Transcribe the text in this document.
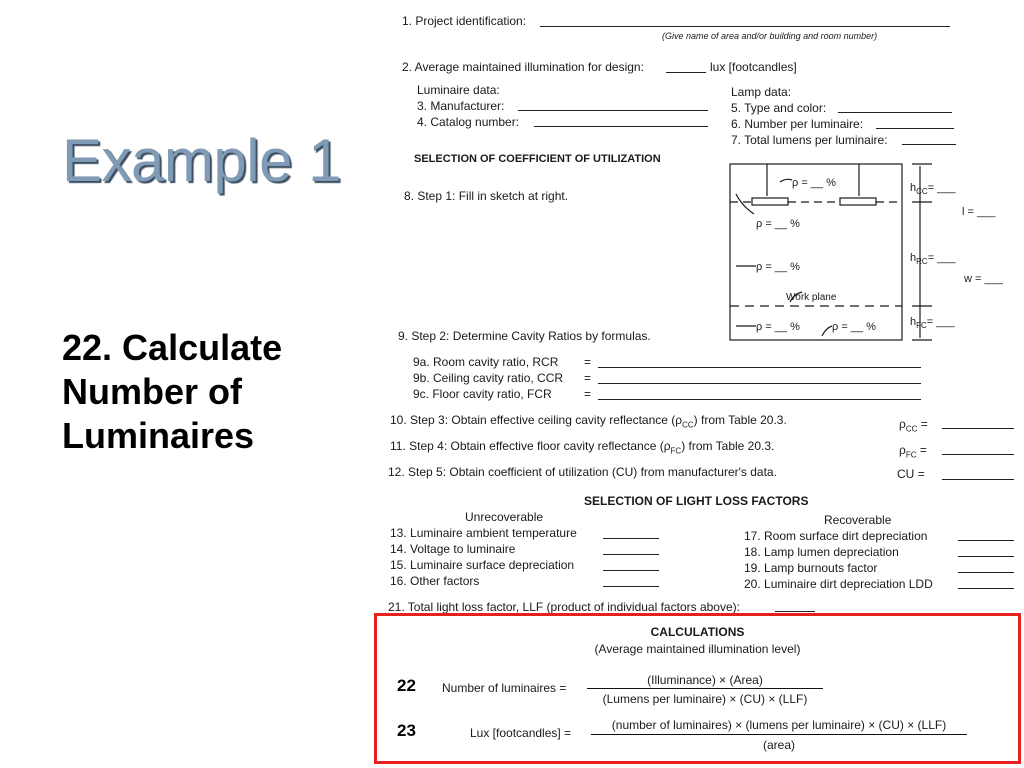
Example 1
22. Calculate Number of Luminaires
1. Project identification:
(Give name of area and/or building and room number)
2. Average maintained illumination for design:	lux [footcandles]
Luminaire data:
3. Manufacturer:
4. Catalog number:
Lamp data:
5. Type and color:
6. Number per luminaire:
7. Total lumens per luminaire:
SELECTION OF COEFFICIENT OF UTILIZATION
8. Step 1: Fill in sketch at right.
9. Step 2: Determine Cavity Ratios by formulas.
9a. Room cavity ratio, RCR =
9b. Ceiling cavity ratio, CCR =
9c. Floor cavity ratio, FCR	=
10. Step 3: Obtain effective ceiling cavity reflectance $(\rho_{CC})$ from Table 20.3.	$\rho_{CC}$ =
11. Step 4: Obtain effective floor cavity reflectance $(\rho_{FC})$ from Table 20.3.	$\rho_{FC}$ =
12. Step 5: Obtain coefficient of utilization (CU) from manufacturer's data.	CU =
SELECTION OF LIGHT LOSS FACTORS
Unrecoverable	Recoverable
13. Luminaire ambient temperature
14. Voltage to luminaire
15. Luminaire surface depreciation
16. Other factors
17. Room surface dirt depreciation
18. Lamp lumen depreciation
19. Lamp burnouts factor
20. Luminaire dirt depreciation LDD
21. Total light loss factor, LLF (product of individual factors above):
ρ = __ %
ρ = __ %
ρ = __ %
Work plane
ρ = __ %	ρ = __ %
$h_{CC}=$ ___
$h_{RC}=$ ___
$h_{FC}=$ ___
l = ___
w = ___
CALCULATIONS
(Average maintained illumination level)
22 Number of luminaires =
(Illuminance) × (Area)
(Lumens per luminaire) × (CU) × (LLF)
23	Lux [footcandles] =
(number of luminaires) × (lumens per luminaire) × (CU) × (LLF)
(area)
